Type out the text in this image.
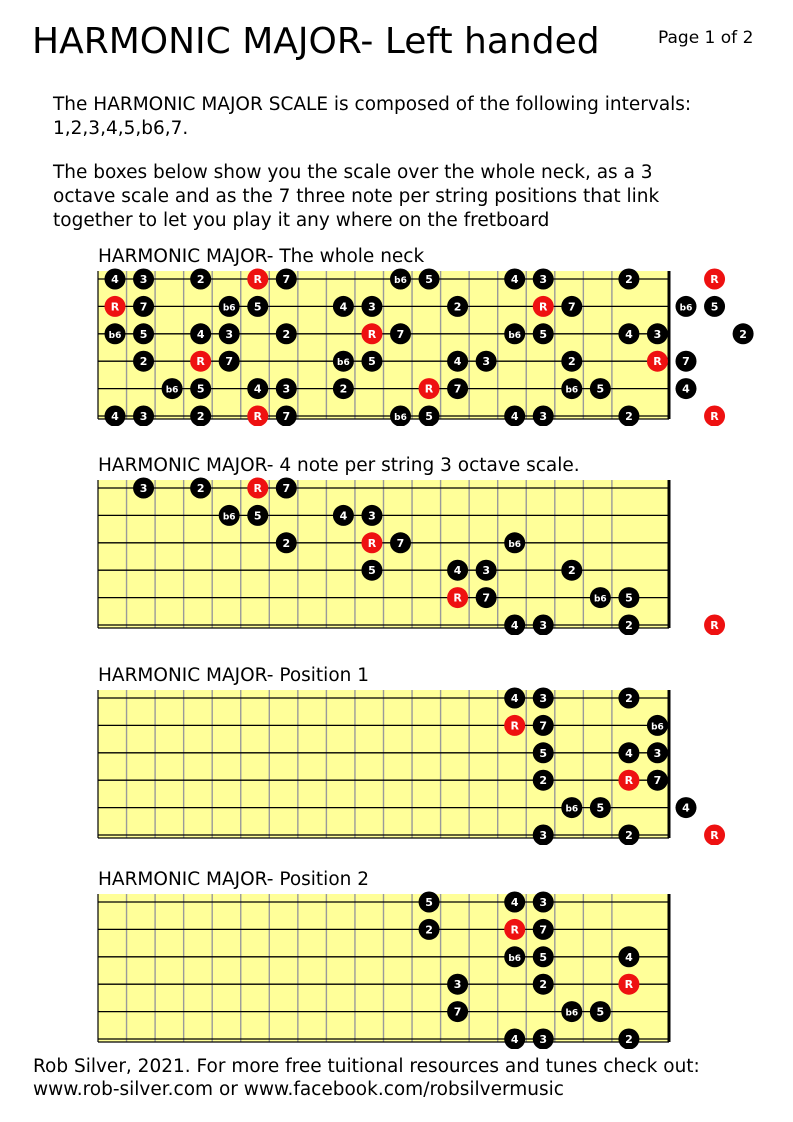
HARMONIC MAJOR- Left handed	Page 1 of 2
The HARMONIC MAJOR SCALE is composed of the following intervals:
1,2,3,4,5,b6,7.
The boxes below show you the scale over the whole neck, as a 3
octave scale and as the 7 three note per string positions that link
together to let you play it any where on the fretboard
HARMONIC MAJOR- The whole neck
4 3	2	R 7	b6 5	4 3	2	R
R 7	b6 5	4 3	2	R 7	b6 5
b6 5	4 3	2	R 7	b6 5	4 3	2
2	R 7	b6 5	4 3	2	R 7
b6 5	4 3	2	R 7	b6 5	4
4 3	2	R 7	b6 5	4 3	2	R
HARMONIC MAJOR- 4 note per string 3 octave scale.
3	2	R 7
b6 5	4 3
2	R 7	b6
5	4 3	2
R 7	b6 5
4 3	2	R
HARMONIC MAJOR- Position 1
4 3	2
R 7	b6
5	4 3
2	R 7
b6 5	4
3	2	R
HARMONIC MAJOR- Position 2
5	4 3
2	R 7
b6 5	4
3	2	R
7	b6 5
4 3	2
Rob Silver, 2021. For more free tuitional resources and tunes check out:
www.rob-silver.com or www.facebook.com/robsilvermusic
